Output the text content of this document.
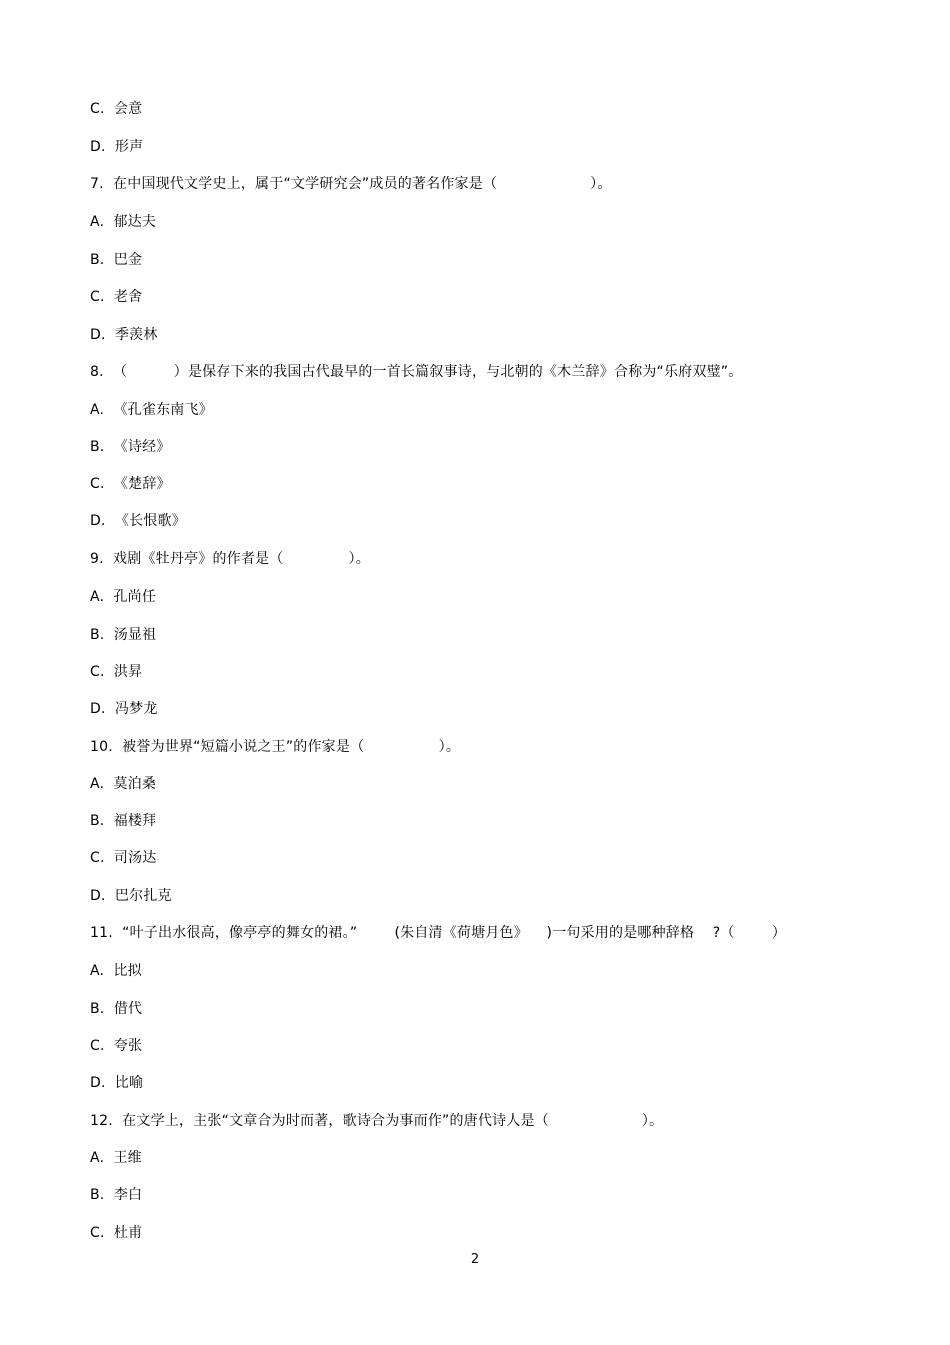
C.  会意
D.  形声
7.  在中国现代文学史上，属于“文学研究会”成员的著名作家是（                    ）。
A.  郁达夫
B.  巴金
C.  老舍
D.  季羡林
8.  （          ）是保存下来的我国古代最早的一首长篇叙事诗，与北朝的《木兰辞》合称为“乐府双璧”。
A.  《孔雀东南飞》
B.  《诗经》
C.  《楚辞》
D.  《长恨歌》
9.  戏剧《牡丹亭》的作者是（              ）。
A.  孔尚任
B.  汤显祖
C.  洪昇
D.  冯梦龙
10.  被誉为世界“短篇小说之王”的作家是（                ）。
A.  莫泊桑
B.  福楼拜
C.  司汤达
D.  巴尔扎克
11.  “叶子出水很高，像亭亭的舞女的裙。”        (朱自清《荷塘月色》    )一句采用的是哪种辞格    ?（        ）
A.  比拟
B.  借代
C.  夸张
D.  比喻
12.  在文学上，主张“文章合为时而著，歌诗合为事而作”的唐代诗人是（                    ）。
A.  王维
B.  李白
C.  杜甫
2
